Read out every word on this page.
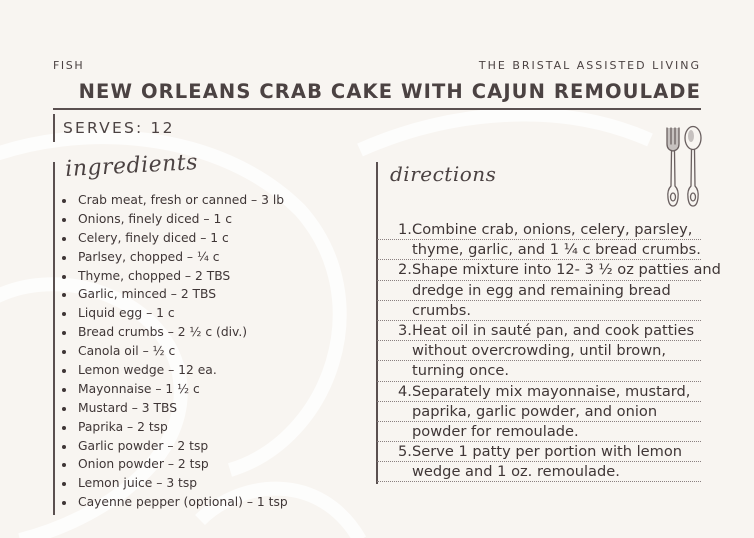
FISH	THE BRISTAL ASSISTED LIVING
NEW ORLEANS CRAB CAKE WITH CAJUN REMOULADE
SERVES: 12
ingredients
Crab meat, fresh or canned – 3 lb
Onions, finely diced – 1 c
Celery, finely diced – 1 c
Parlsey, chopped – ¼ c
Thyme, chopped – 2 TBS
Garlic, minced – 2 TBS
Liquid egg – 1 c
Bread crumbs – 2 ½ c (div.)
Canola oil – ½ c
Lemon wedge – 12 ea.
Mayonnaise – 1 ½ c
Mustard – 3 TBS
Paprika – 2 tsp
Garlic powder – 2 tsp
Onion powder – 2 tsp
Lemon juice – 3 tsp
Cayenne pepper (optional) – 1 tsp
directions
1. Combine crab, onions, celery, parsley,
thyme, garlic, and 1 ¼ c bread crumbs.
2. Shape mixture into 12- 3 ½ oz patties and
dredge in egg and remaining bread
crumbs.
3. Heat oil in sauté pan, and cook patties
without overcrowding, until brown,
turning once.
4. Separately mix mayonnaise, mustard,
paprika, garlic powder, and onion
powder for remoulade.
5. Serve 1 patty per portion with lemon
wedge and 1 oz. remoulade.
